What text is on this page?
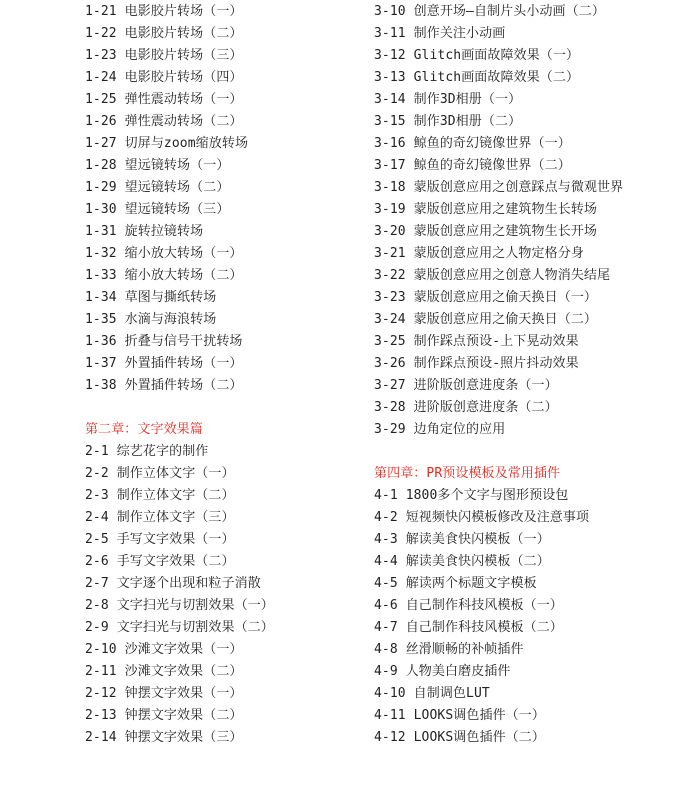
1-21 电影胶片转场（一）
1-22 电影胶片转场（二）
1-23 电影胶片转场（三）
1-24 电影胶片转场（四）
1-25 弹性震动转场（一）
1-26 弹性震动转场（二）
1-27 切屏与zoom缩放转场
1-28 望远镜转场（一）
1-29 望远镜转场（二）
1-30 望远镜转场（三）
1-31 旋转拉镜转场
1-32 缩小放大转场（一）
1-33 缩小放大转场（二）
1-34 草图与撕纸转场
1-35 水滴与海浪转场
1-36 折叠与信号干扰转场
1-37 外置插件转场（一）
1-38 外置插件转场（二）
第二章：文字效果篇
2-1 综艺花字的制作
2-2 制作立体文字（一）
2-3 制作立体文字（二）
2-4 制作立体文字（三）
2-5 手写文字效果（一）
2-6 手写文字效果（二）
2-7 文字逐个出现和粒子消散
2-8 文字扫光与切割效果（一）
2-9 文字扫光与切割效果（二）
2-10 沙滩文字效果（一）
2-11 沙滩文字效果（二）
2-12 钟摆文字效果（一）
2-13 钟摆文字效果（二）
2-14 钟摆文字效果（三）
3-10 创意开场—自制片头小动画（二）
3-11 制作关注小动画
3-12 Glitch画面故障效果（一）
3-13 Glitch画面故障效果（二）
3-14 制作3D相册（一）
3-15 制作3D相册（二）
3-16 鲸鱼的奇幻镜像世界（一）
3-17 鲸鱼的奇幻镜像世界（二）
3-18 蒙版创意应用之创意踩点与微观世界
3-19 蒙版创意应用之建筑物生长转场
3-20 蒙版创意应用之建筑物生长开场
3-21 蒙版创意应用之人物定格分身
3-22 蒙版创意应用之创意人物消失结尾
3-23 蒙版创意应用之偷天换日（一）
3-24 蒙版创意应用之偷天换日（二）
3-25 制作踩点预设-上下晃动效果
3-26 制作踩点预设-照片抖动效果
3-27 进阶版创意进度条（一）
3-28 进阶版创意进度条（二）
3-29 边角定位的应用
第四章：PR预设模板及常用插件
4-1 1800多个文字与图形预设包
4-2 短视频快闪模板修改及注意事项
4-3 解读美食快闪模板（一）
4-4 解读美食快闪模板（二）
4-5 解读两个标题文字模板
4-6 自己制作科技风模板（一）
4-7 自己制作科技风模板（二）
4-8 丝滑顺畅的补帧插件
4-9 人物美白磨皮插件
4-10 自制调色LUT
4-11 LOOKS调色插件（一）
4-12 LOOKS调色插件（二）
